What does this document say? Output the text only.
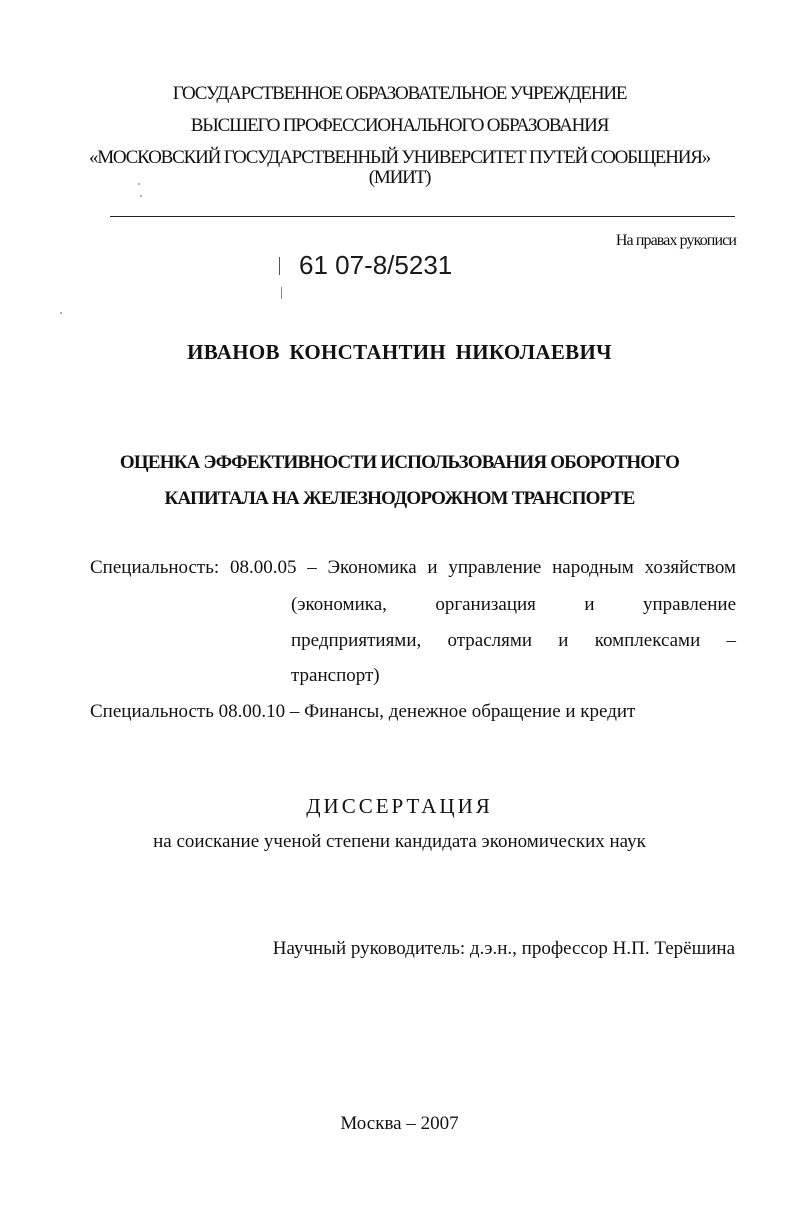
ГОСУДАРСТВЕННОЕ ОБРАЗОВАТЕЛЬНОЕ УЧРЕЖДЕНИЕ
ВЫСШЕГО ПРОФЕССИОНАЛЬНОГО ОБРАЗОВАНИЯ
«МОСКОВСКИЙ ГОСУДАРСТВЕННЫЙ УНИВЕРСИТЕТ ПУТЕЙ СООБЩЕНИЯ»
(МИИТ)
На правах рукописи
61 07-8/5231
ИВАНОВ КОНСТАНТИН НИКОЛАЕВИЧ
ОЦЕНКА ЭФФЕКТИВНОСТИ ИСПОЛЬЗОВАНИЯ ОБОРОТНОГО
КАПИТАЛА НА ЖЕЛЕЗНОДОРОЖНОМ ТРАНСПОРТЕ
Специальность: 08.00.05 – Экономика и управление народным хозяйством
(экономика, организация и управление
предприятиями, отраслями и комплексами –
транспорт)
Специальность 08.00.10 – Финансы, денежное обращение и кредит
ДИССЕРТАЦИЯ
на соискание ученой степени кандидата экономических наук
Научный руководитель: д.э.н., профессор Н.П. Терёшина
Москва – 2007
